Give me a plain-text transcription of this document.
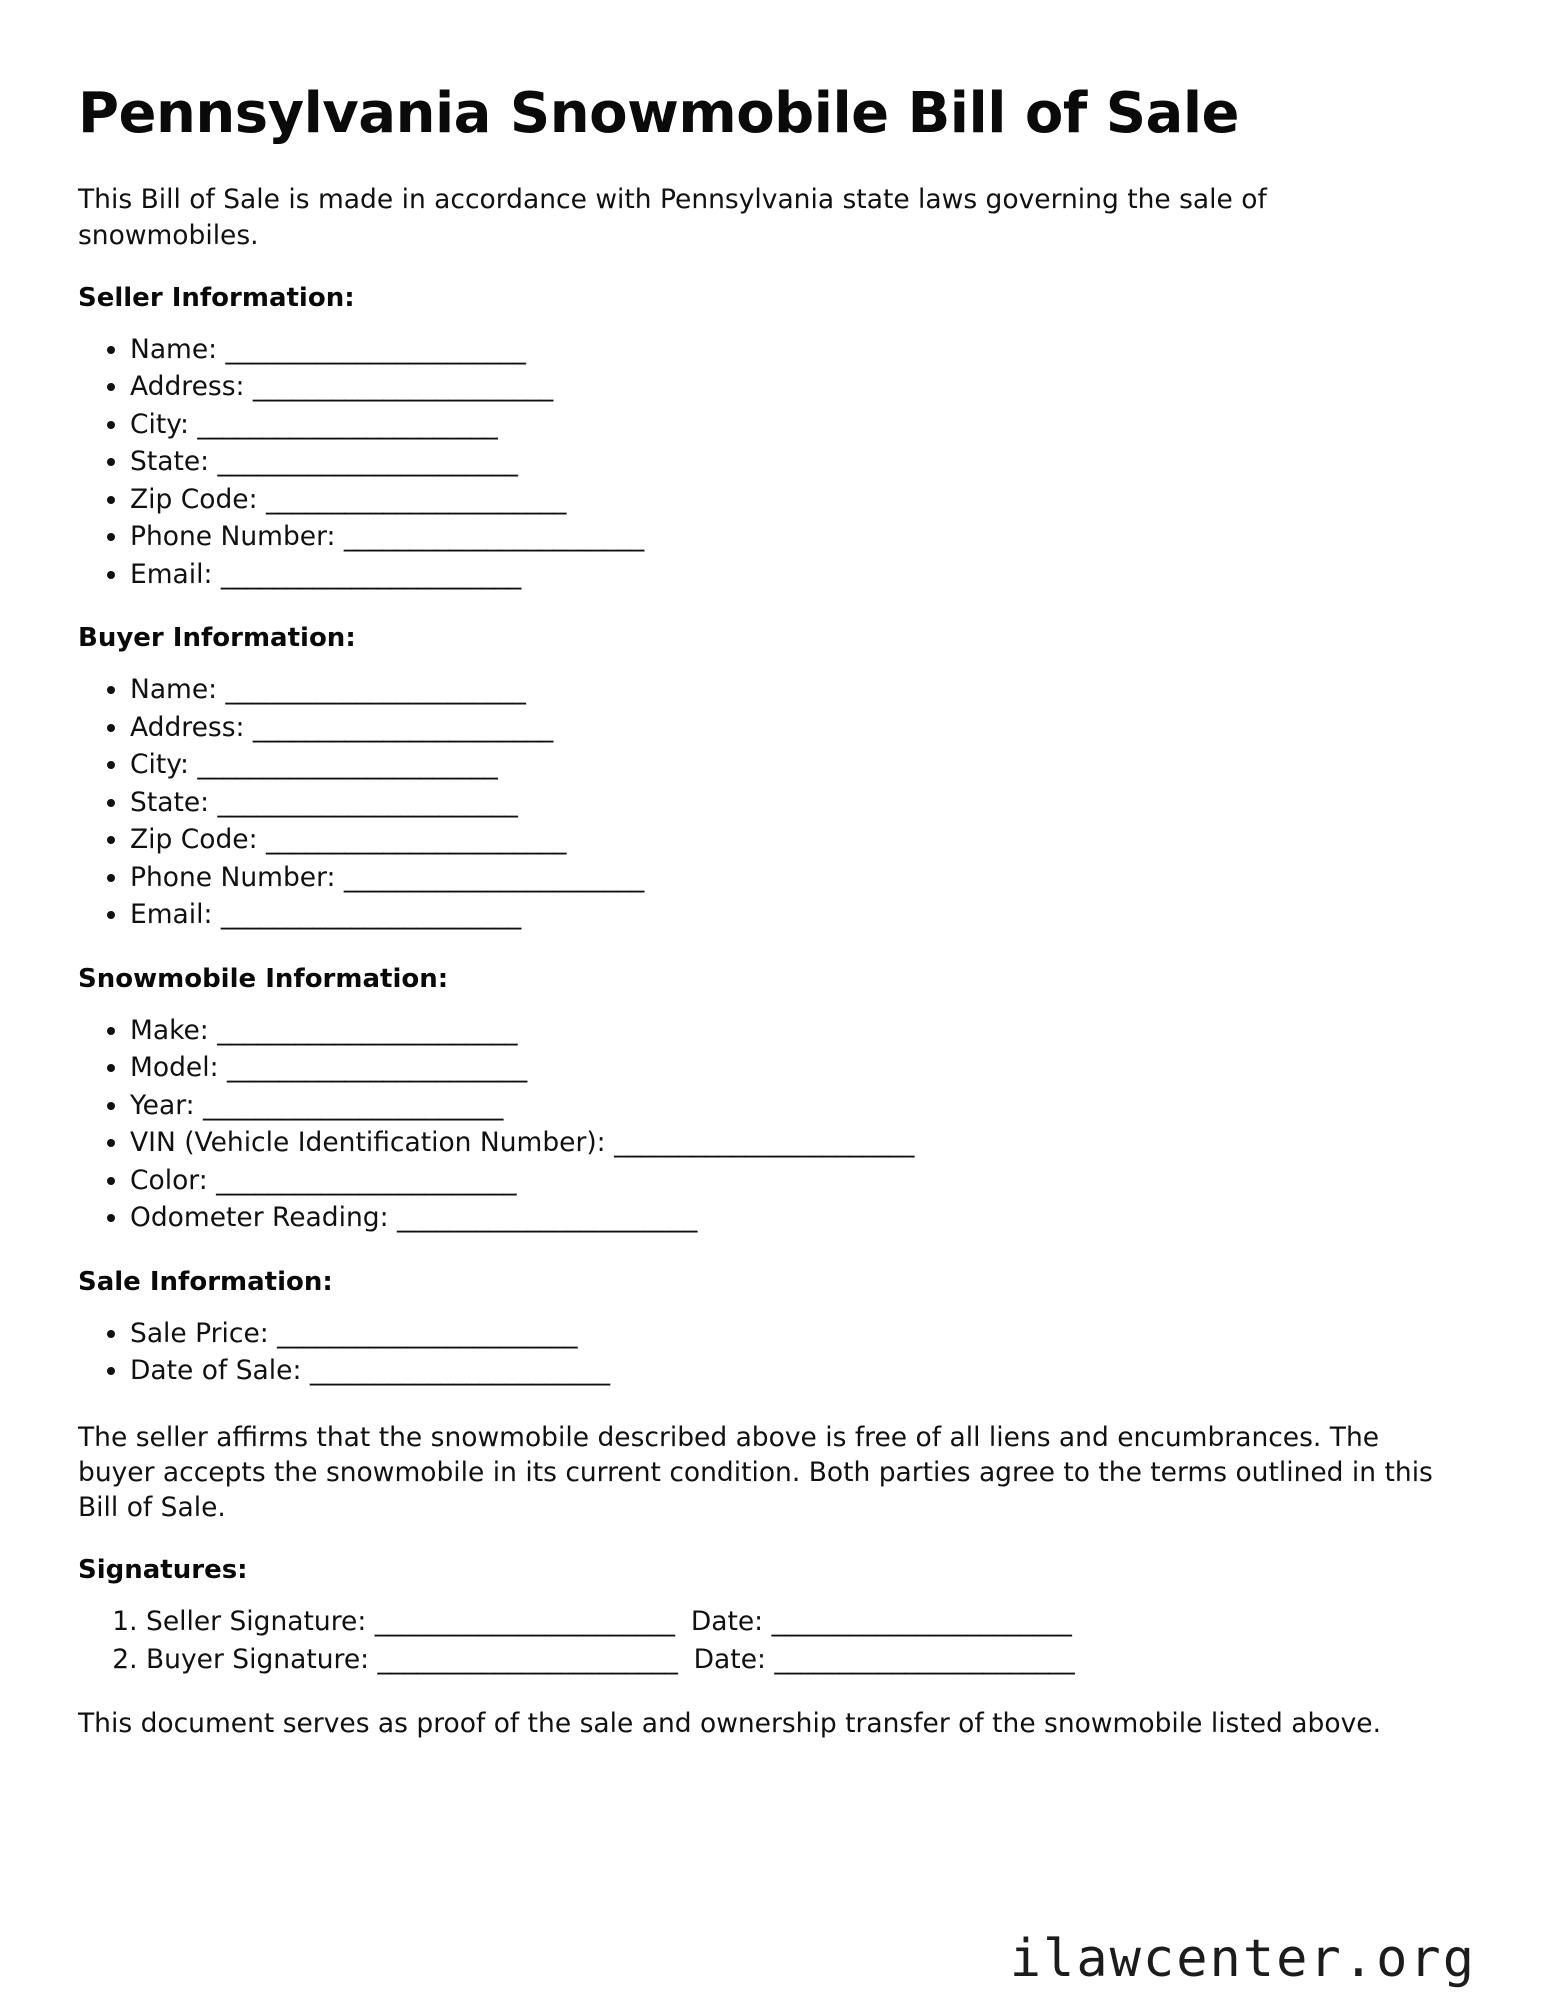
Pennsylvania Snowmobile Bill of Sale

This Bill of Sale is made in accordance with Pennsylvania state laws governing the sale of snowmobiles.

Seller Information:
• Name: _______________________
• Address: _______________________
• City: _______________________
• State: _______________________
• Zip Code: _______________________
• Phone Number: _______________________
• Email: _______________________
Buyer Information:
• Name: _______________________
• Address: _______________________
• City: _______________________
• State: _______________________
• Zip Code: _______________________
• Phone Number: _______________________
• Email: _______________________
Snowmobile Information:
• Make: _______________________
• Model: _______________________
• Year: _______________________
• VIN (Vehicle Identification Number): _______________________
• Color: _______________________
• Odometer Reading: _______________________
Sale Information:
• Sale Price: _______________________
• Date of Sale: _______________________

The seller affirms that the snowmobile described above is free of all liens and encumbrances. The buyer accepts the snowmobile in its current condition. Both parties agree to the terms outlined in this Bill of Sale.

Signatures:
1. Seller Signature: _______________________ Date: _______________________
2. Buyer Signature: _______________________ Date: _______________________

This document serves as proof of the sale and ownership transfer of the snowmobile listed above.

ilawcenter.org
